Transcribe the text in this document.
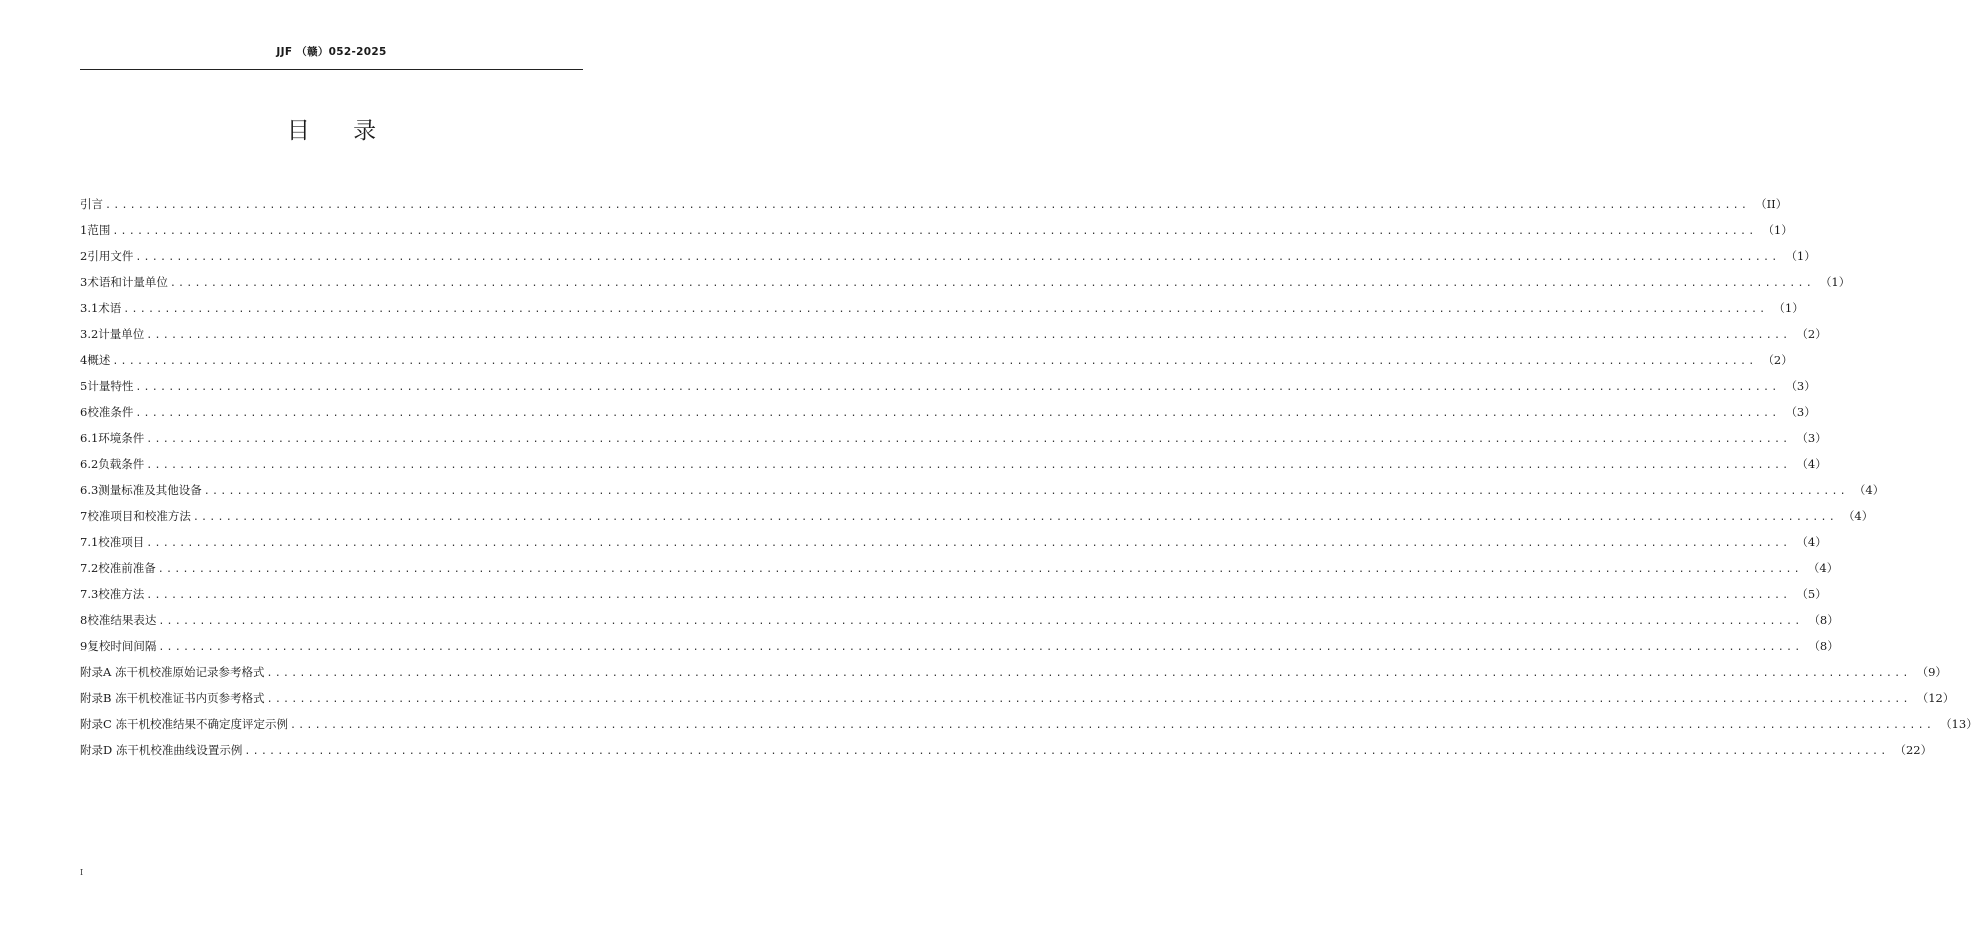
JJF （赣）052-2025
目 录
引言 ........................................................................................................................................................................................................ （II）
1 范围 ........................................................................................................................................................................................................ （1）
2 引用文件 ........................................................................................................................................................................................................ （1）
3 术语和计量单位 ........................................................................................................................................................................................................ （1）
3.1 术语 ........................................................................................................................................................................................................ （1）
3.2 计量单位 ........................................................................................................................................................................................................ （2）
4 概述 ........................................................................................................................................................................................................ （2）
5 计量特性 ........................................................................................................................................................................................................ （3）
6 校准条件 ........................................................................................................................................................................................................ （3）
6.1 环境条件 ........................................................................................................................................................................................................ （3）
6.2 负载条件 ........................................................................................................................................................................................................ （4）
6.3 测量标准及其他设备 ........................................................................................................................................................................................................ （4）
7 校准项目和校准方法 ........................................................................................................................................................................................................ （4）
7.1 校准项目 ........................................................................................................................................................................................................ （4）
7.2 校准前准备 ........................................................................................................................................................................................................ （4）
7.3 校准方法 ........................................................................................................................................................................................................ （5）
8 校准结果表达 ........................................................................................................................................................................................................ （8）
9 复校时间间隔 ........................................................................................................................................................................................................ （8）
附录A 冻干机校准原始记录参考格式 ........................................................................................................................................................................................................ （9）
附录B 冻干机校准证书内页参考格式 ........................................................................................................................................................................................................ （12）
附录C 冻干机校准结果不确定度评定示例 ........................................................................................................................................................................................................ （13）
附录D 冻干机校准曲线设置示例 ........................................................................................................................................................................................................ （22）
I
